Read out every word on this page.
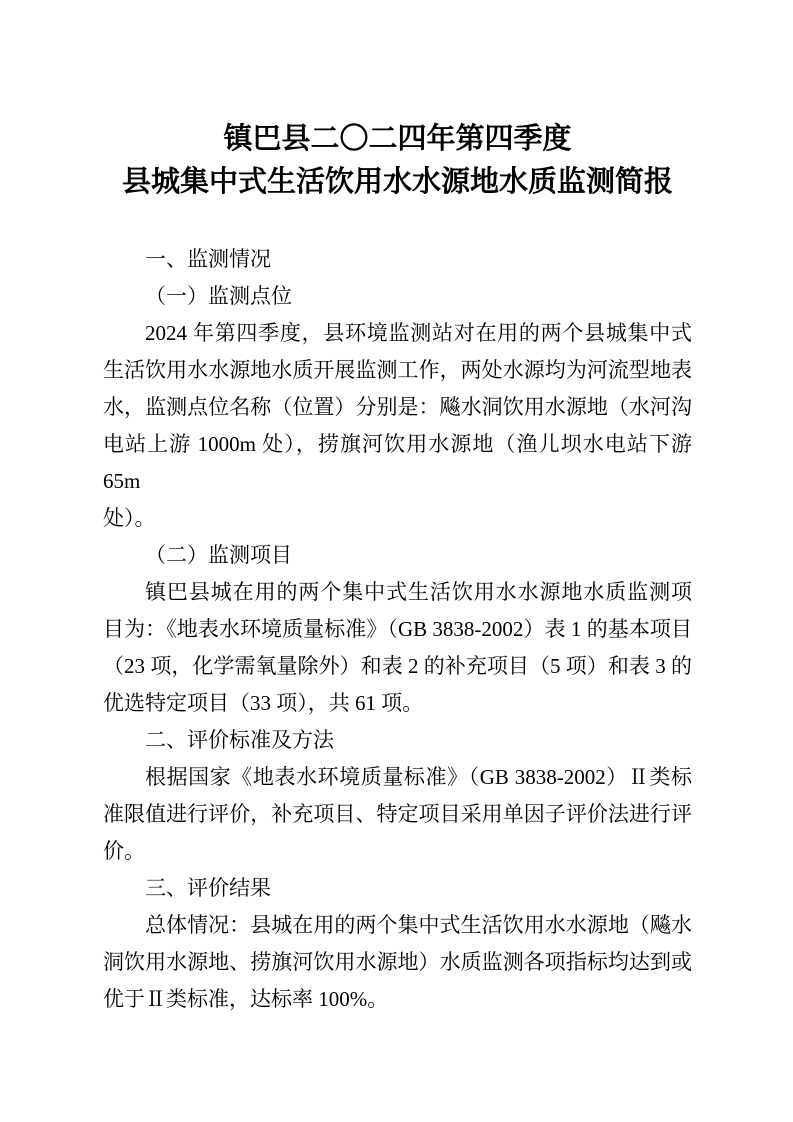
镇巴县二〇二四年第四季度
县城集中式生活饮用水水源地水质监测简报
一、监测情况
（一）监测点位
2024 年第四季度，县环境监测站对在用的两个县城集中式
生活饮用水水源地水质开展监测工作，两处水源均为河流型地表
水，监测点位名称（位置）分别是：飚水洞饮用水源地（水河沟
电站上游 1000m 处），捞旗河饮用水源地（渔儿坝水电站下游 65m
处）。
（二）监测项目
镇巴县城在用的两个集中式生活饮用水水源地水质监测项
目为：《地表水环境质量标准》（GB 3838-2002）表 1 的基本项目
（23 项，化学需氧量除外）和表 2 的补充项目（5 项）和表 3 的
优选特定项目（33 项），共 61 项。
二、评价标准及方法
根据国家《地表水环境质量标准》（GB 3838-2002）Ⅱ类标
准限值进行评价，补充项目、特定项目采用单因子评价法进行评
价。
三、评价结果
总体情况：县城在用的两个集中式生活饮用水水源地（飚水
洞饮用水源地、捞旗河饮用水源地）水质监测各项指标均达到或
优于Ⅱ类标准，达标率 100%。
